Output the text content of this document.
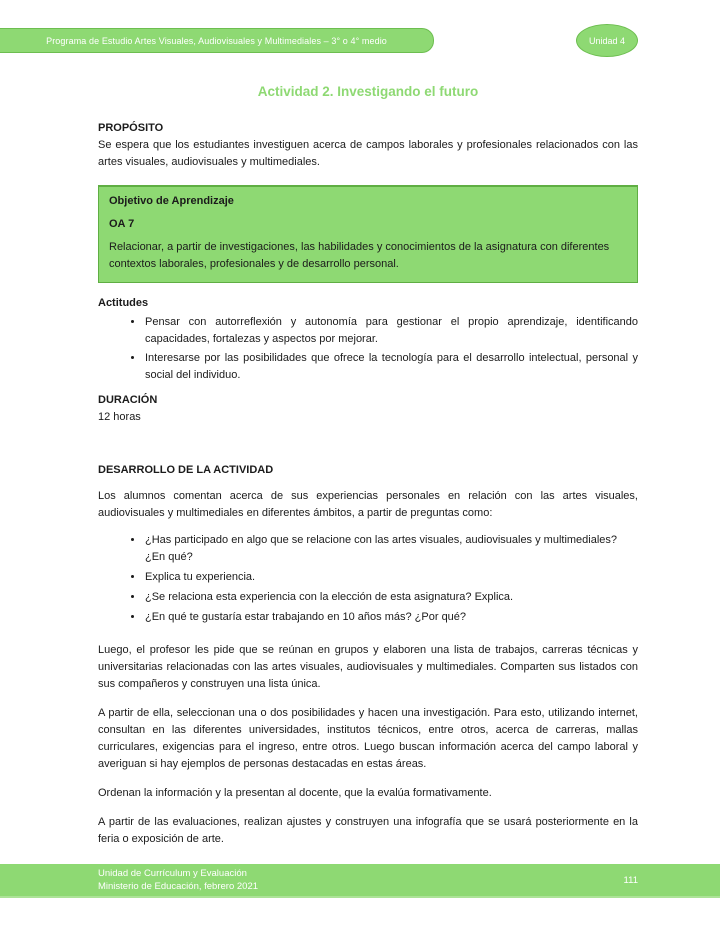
Programa de Estudio Artes Visuales, Audiovisuales y Multimediales – 3° o 4° medio	Unidad 4
Actividad 2. Investigando el futuro
PROPÓSITO

Se espera que los estudiantes investiguen acerca de campos laborales y profesionales relacionados con las artes visuales, audiovisuales y multimediales.

Objetivo de Aprendizaje
OA 7

Relacionar, a partir de investigaciones, las habilidades y conocimientos de la asignatura con diferentes contextos laborales, profesionales y de desarrollo personal.

Actitudes
• Pensar con autorreflexión y autonomía para gestionar el propio aprendizaje, identificando capacidades, fortalezas y aspectos por mejorar.
• Interesarse por las posibilidades que ofrece la tecnología para el desarrollo intelectual, personal y social del individuo.
DURACIÓN

12 horas

DESARROLLO DE LA ACTIVIDAD

Los alumnos comentan acerca de sus experiencias personales en relación con las artes visuales, audiovisuales y multimediales en diferentes ámbitos, a partir de preguntas como:

• ¿Has participado en algo que se relacione con las artes visuales, audiovisuales y multimediales? ¿En qué?
• Explica tu experiencia.
• ¿Se relaciona esta experiencia con la elección de esta asignatura? Explica.
• ¿En qué te gustaría estar trabajando en 10 años más? ¿Por qué?

Luego, el profesor les pide que se reúnan en grupos y elaboren una lista de trabajos, carreras técnicas y universitarias relacionadas con las artes visuales, audiovisuales y multimediales. Comparten sus listados con sus compañeros y construyen una lista única.

A partir de ella, seleccionan una o dos posibilidades y hacen una investigación. Para esto, utilizando internet, consultan en las diferentes universidades, institutos técnicos, entre otros, acerca de carreras, mallas curriculares, exigencias para el ingreso, entre otros. Luego buscan información acerca del campo laboral y averiguan si hay ejemplos de personas destacadas en estas áreas.

Ordenan la información y la presentan al docente, que la evalúa formativamente.

A partir de las evaluaciones, realizan ajustes y construyen una infografía que se usará posteriormente en la feria o exposición de arte.

Unidad de Currículum y Evaluación
Ministerio de Educación, febrero 2021
111
